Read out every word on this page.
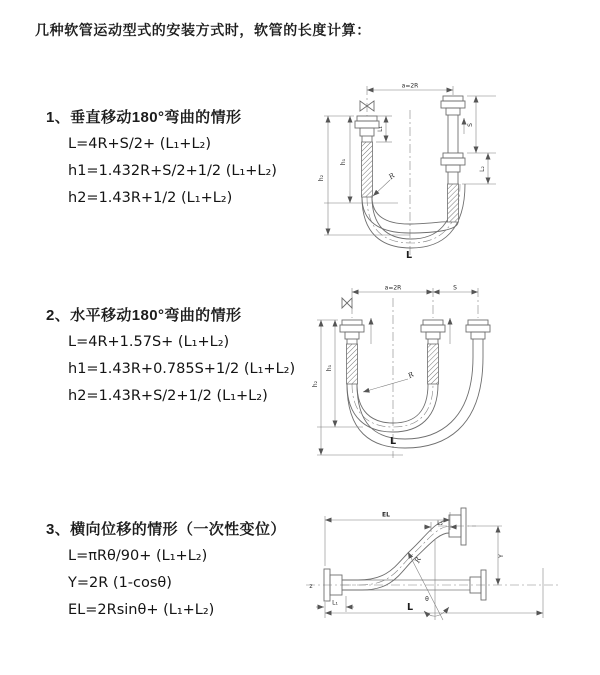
几种软管运动型式的安装方式时，软管的长度计算：
1、垂直移动180°弯曲的情形
L=4R+S/2+ (L₁+L₂)
h1=1.432R+S/2+1/2 (L₁+L₂)
h2=1.43R+1/2 (L₁+L₂)
2、水平移动180°弯曲的情形
L=4R+1.57S+ (L₁+L₂)
h1=1.43R+0.785S+1/2 (L₁+L₂)
h2=1.43R+S/2+1/2 (L₁+L₂)
3、横向位移的情形（一次性变位）
L=πRθ/90+ (L₁+L₂)
Y=2R (1-cosθ)
EL=2Rsinθ+ (L₁+L₂)
a=2R
L₁
S
L₂
h₁
h₂	R
L
a=2R	S
h₁
h₂
R
L
EL
L₂
Y
R
θ
L
L₁
z
